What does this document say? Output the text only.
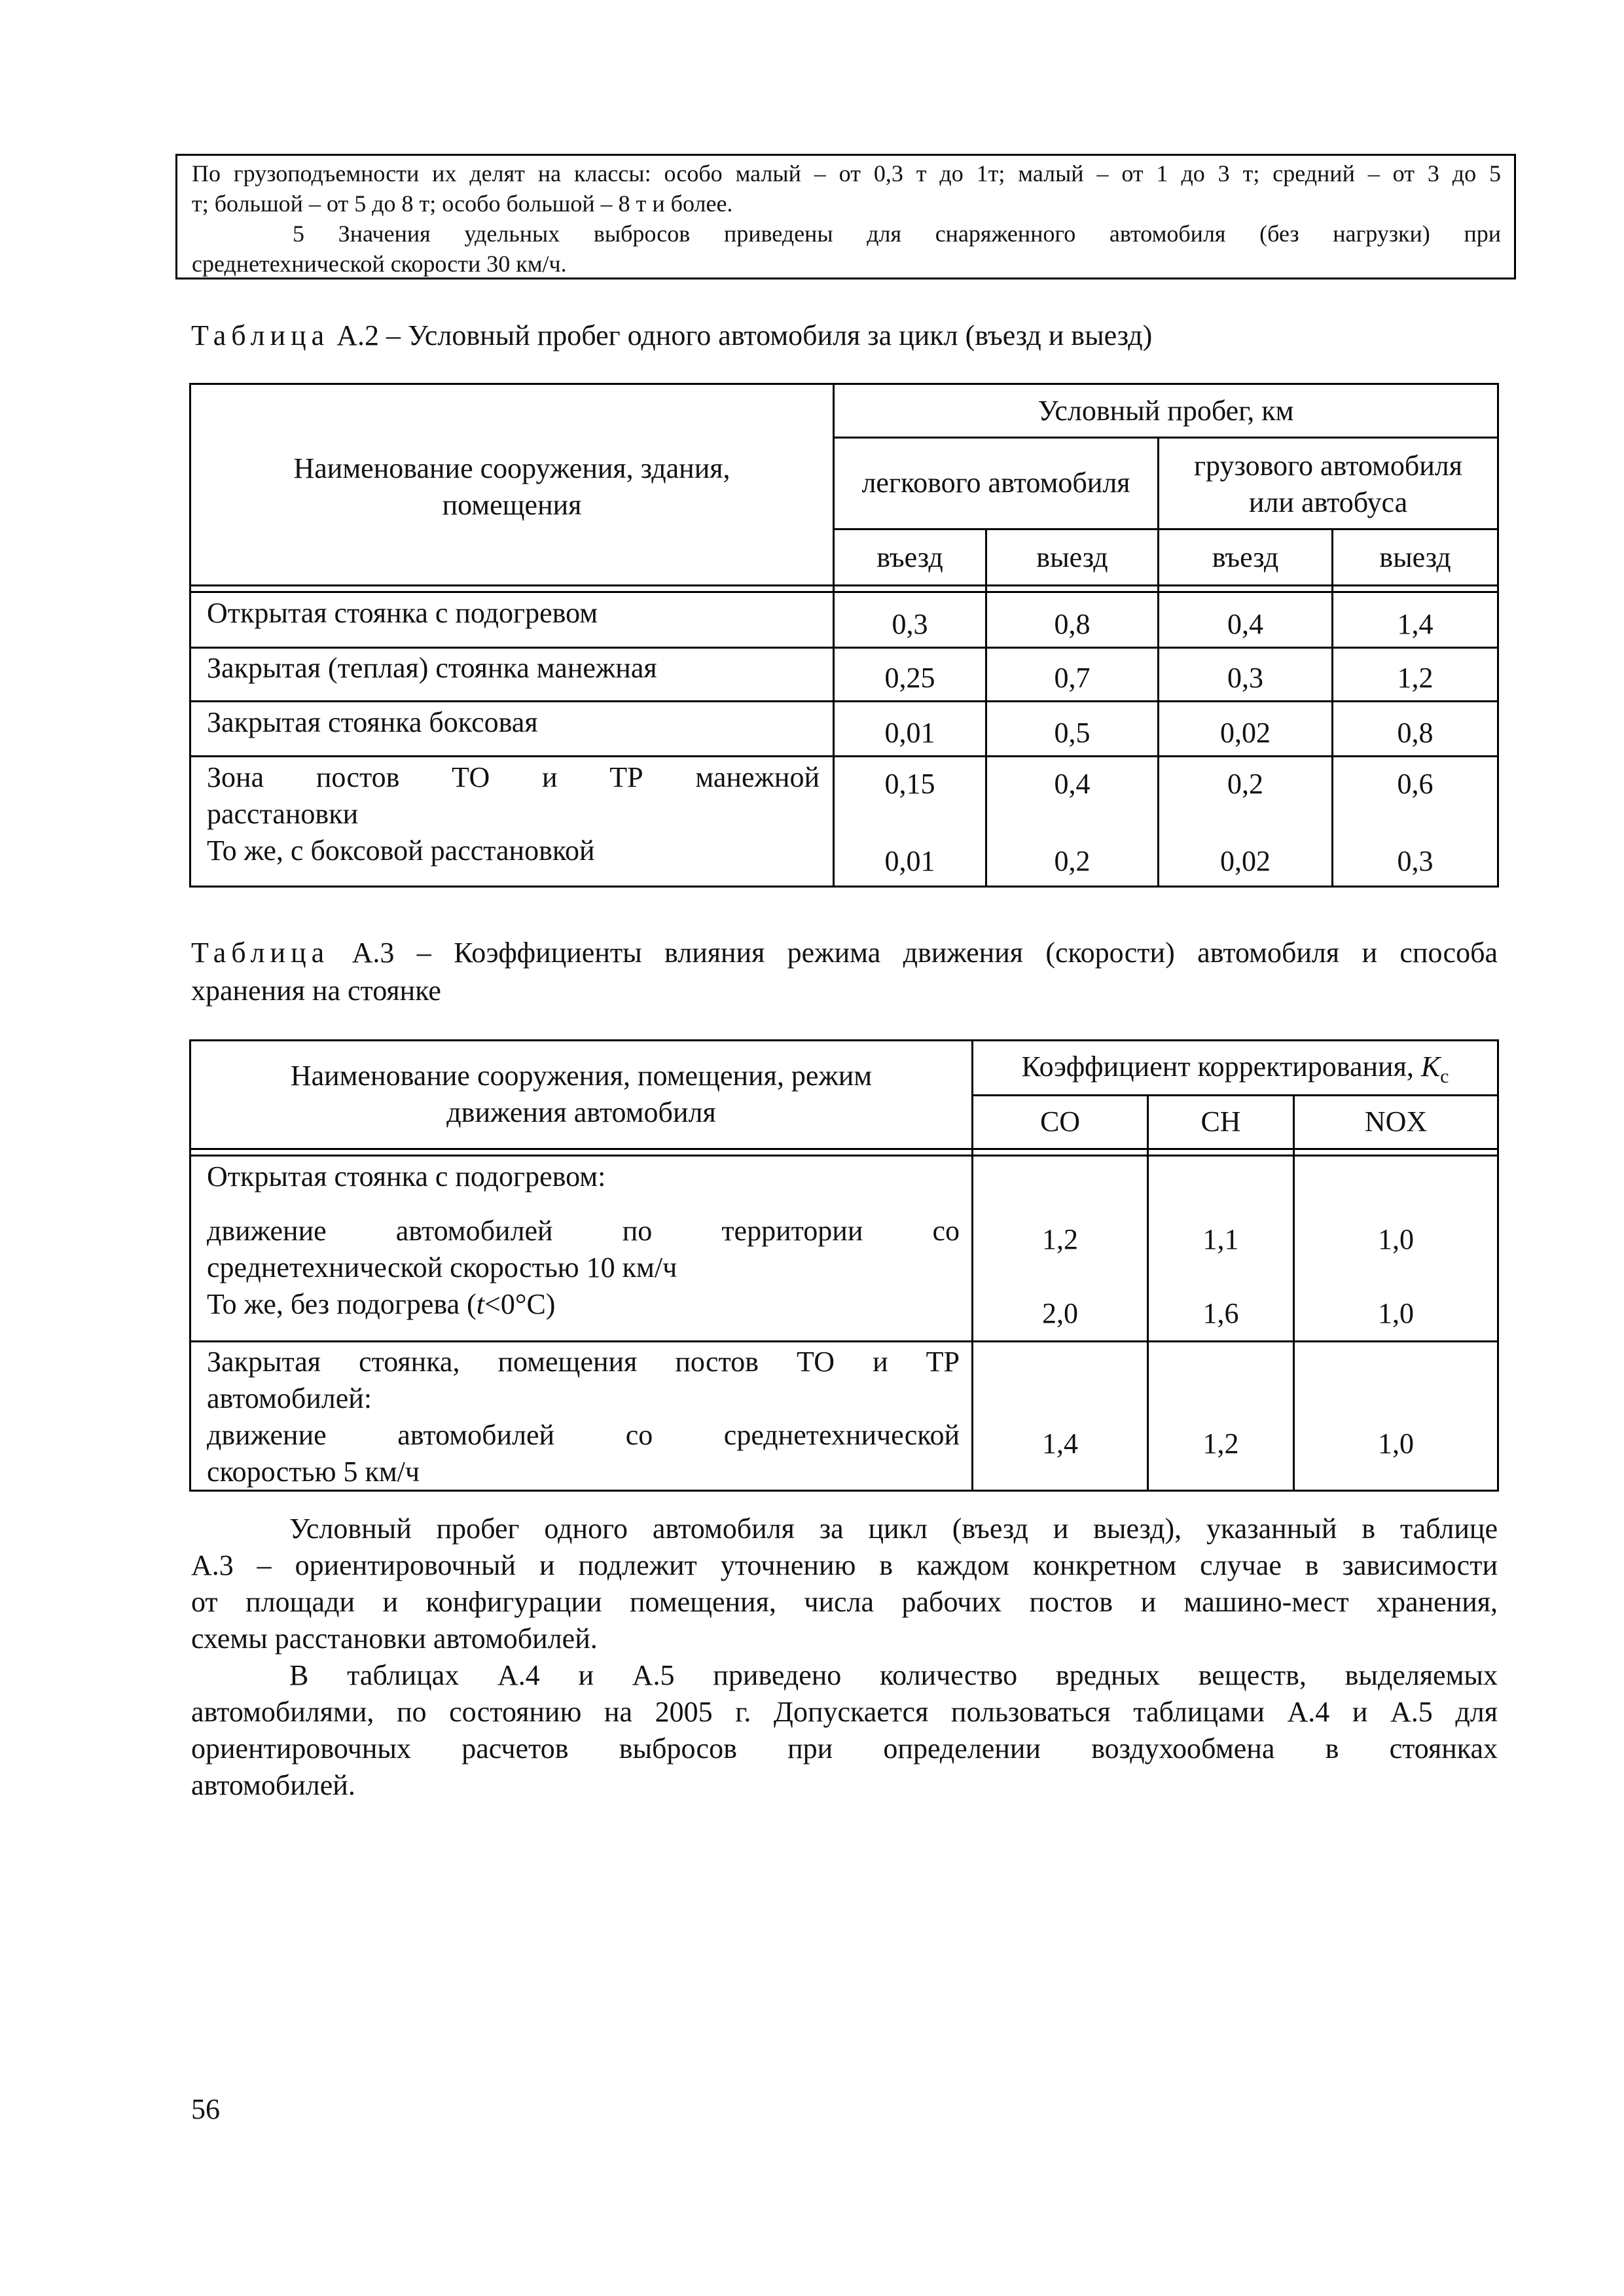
По грузоподъемности их делят на классы: особо малый – от 0,3 т до 1т; малый – от 1 до 3 т; средний – от 3 до 5
т; большой – от 5 до 8 т; особо большой – 8 т и более.
5 Значения удельных выбросов приведены для снаряженного автомобиля (без нагрузки) при
среднетехнической скорости 30 км/ч.
Таблица А.2 – Условный пробег одного автомобиля за цикл (въезд и выезд)
Наименование сооружения, здания,
помещения
Условный пробег, км
легкового автомобиля
грузового автомобиля
или автобуса
въезд	выезд	въезд	выезд
Открытая стоянка с подогревом	0,3	0,8	0,4	1,4
Закрытая (теплая) стоянка манежная	0,25	0,7	0,3	1,2
Закрытая стоянка боксовая	0,01	0,5	0,02	0,8
Зона постов ТО и ТР манежной
расстановки
0,15	0,4	0,2	0,6
То же, с боксовой расстановкой	0,01	0,2	0,02	0,3
Таблица А.3 – Коэффициенты влияния режима движения (скорости) автомобиля и способа
хранения на стоянке
Наименование сооружения, помещения, режим
движения автомобиля
Коэффициент корректирования, $K_c$
CO	CH	NOX
Открытая стоянка с подогревом:
движение автомобилей по территории со
среднетехнической скоростью 10 км/ч
1,2	1,1	1,0
То же, без подогрева (t<0°C)	2,0	1,6	1,0
Закрытая стоянка, помещения постов ТО и ТР
автомобилей:
движение автомобилей со среднетехнической
скоростью 5 км/ч
1,4	1,2	1,0
Условный пробег одного автомобиля за цикл (въезд и выезд), указанный в таблице
А.3 – ориентировочный и подлежит уточнению в каждом конкретном случае в зависимости
от площади и конфигурации помещения, числа рабочих постов и машино-мест хранения,
схемы расстановки автомобилей.
В таблицах А.4 и А.5 приведено количество вредных веществ, выделяемых
автомобилями, по состоянию на 2005 г. Допускается пользоваться таблицами А.4 и А.5 для
ориентировочных расчетов выбросов при определении воздухообмена в стоянках
автомобилей.
56
